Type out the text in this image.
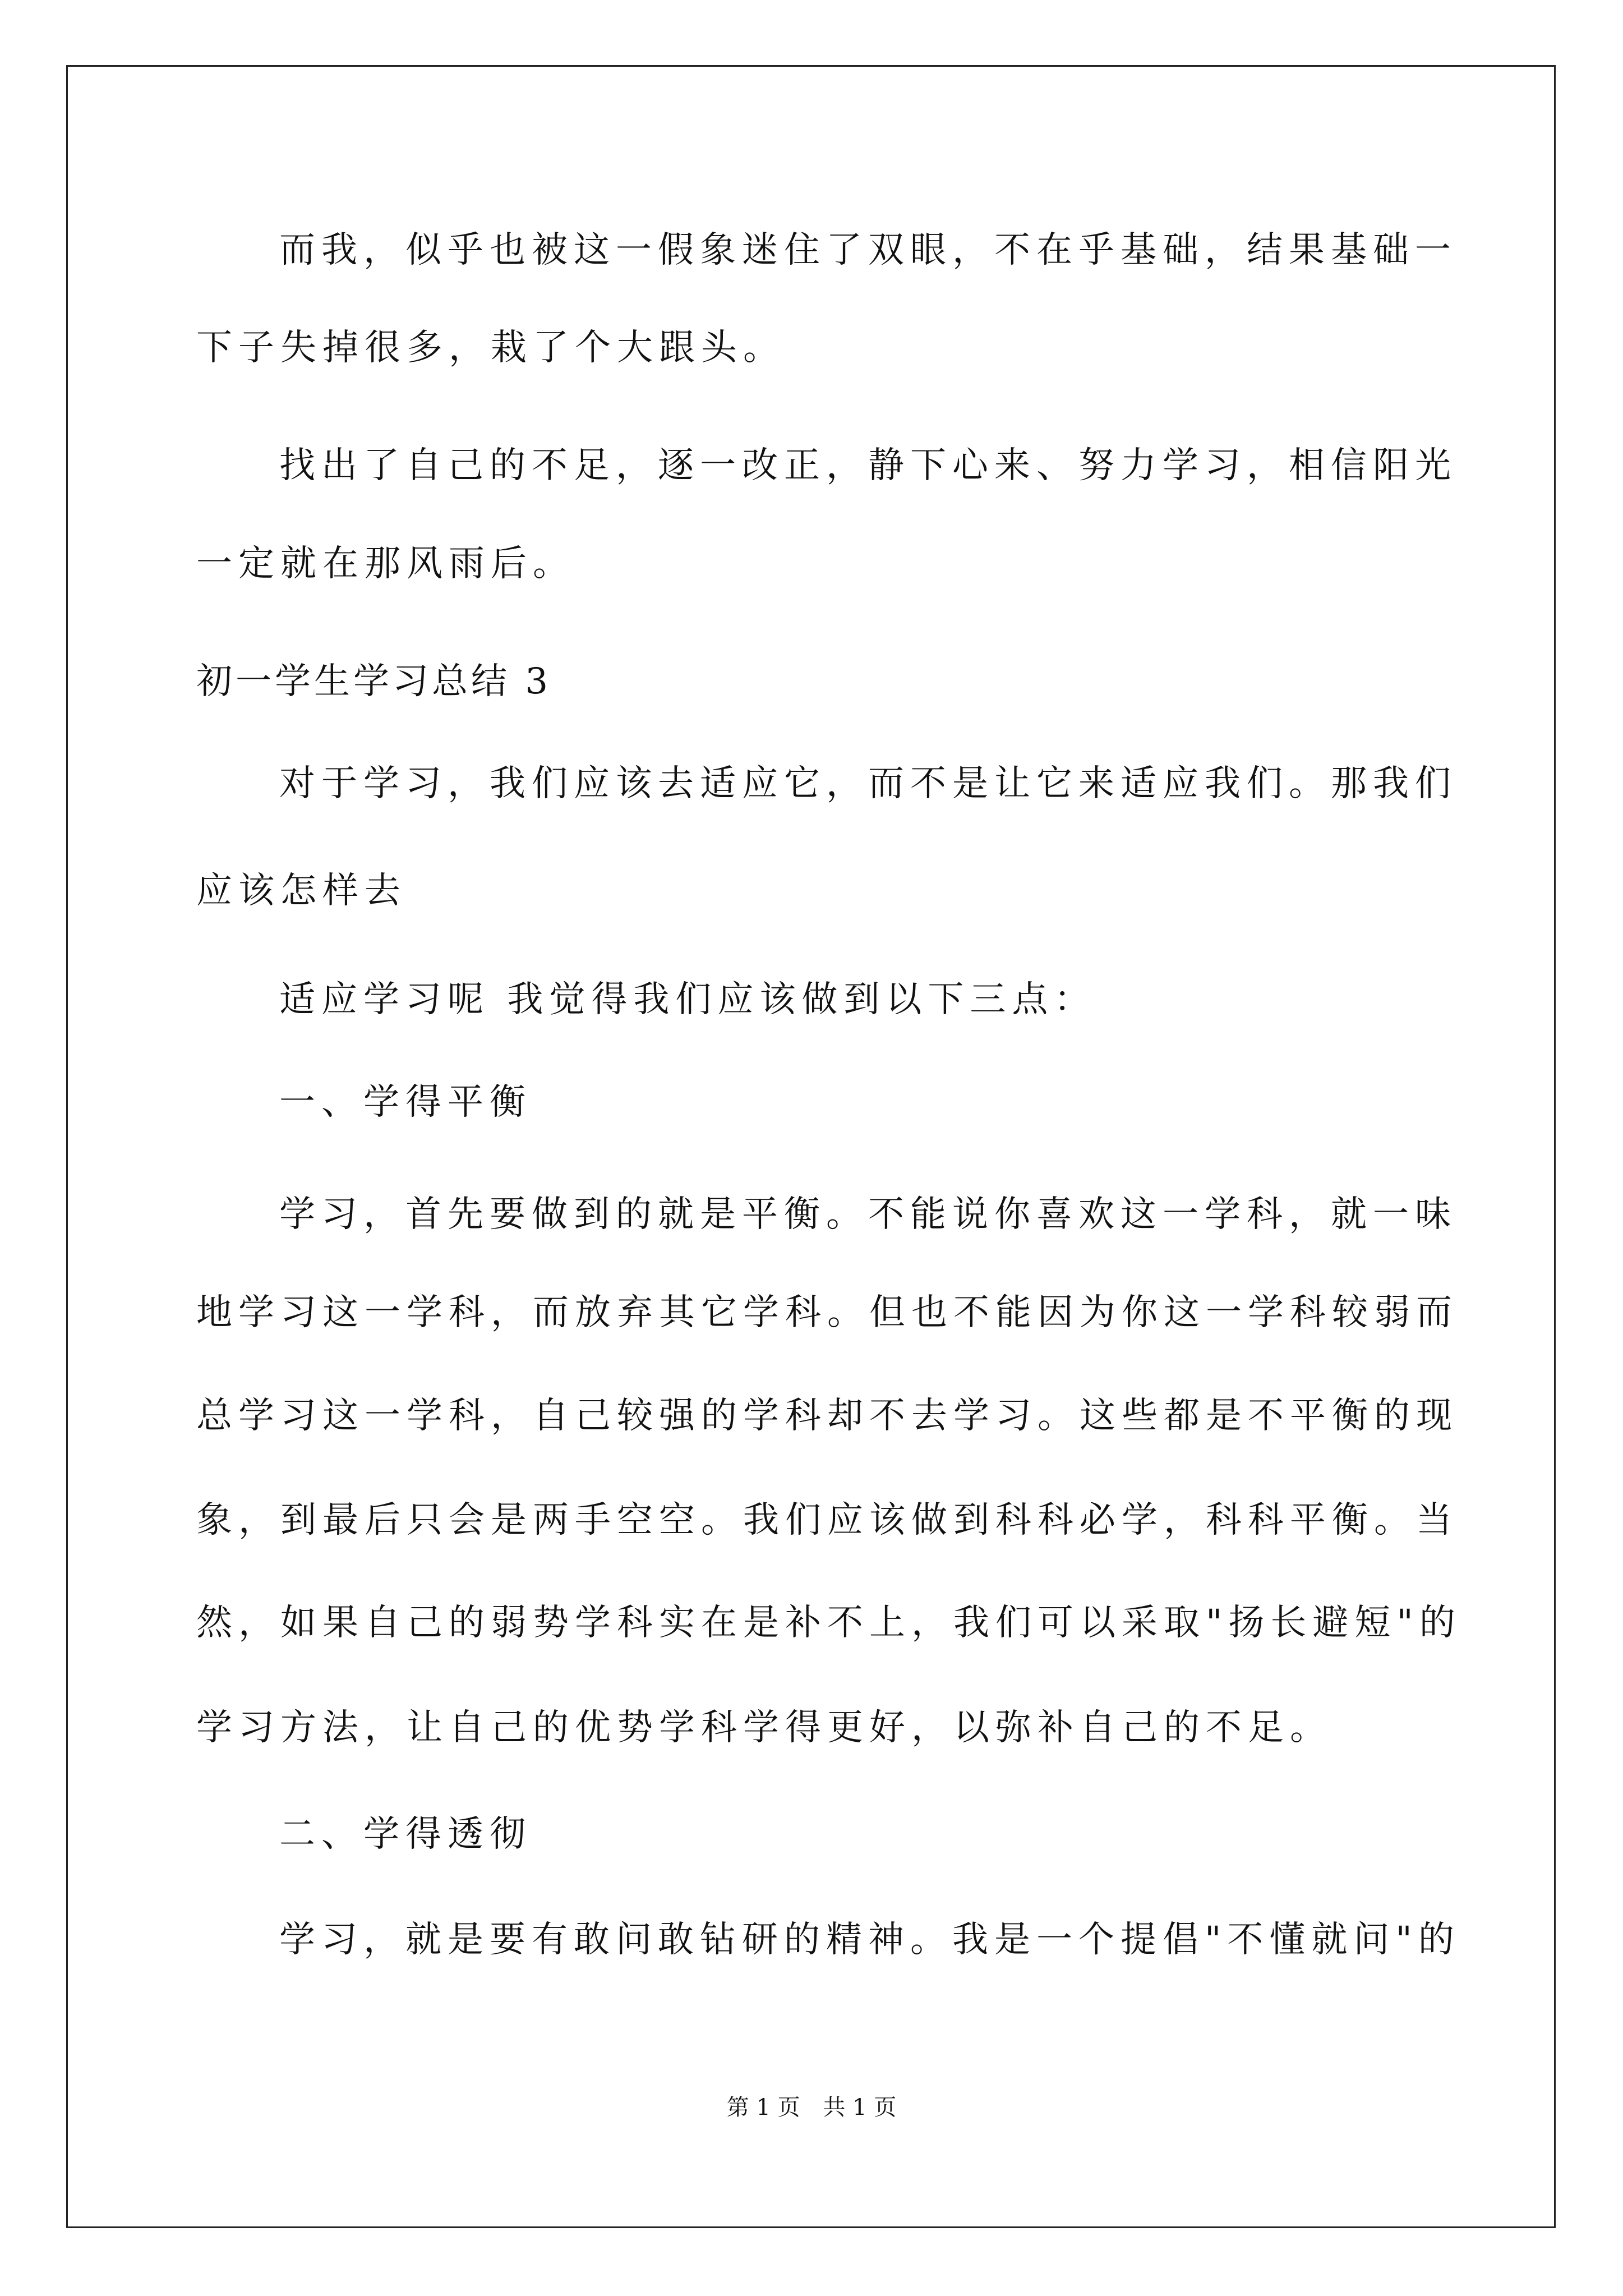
而我，似乎也被这一假象迷住了双眼，不在乎基础，结果基础一
下子失掉很多，栽了个大跟头。
找出了自己的不足，逐一改正，静下心来、努力学习，相信阳光
一定就在那风雨后。
初一学生学习总结 3
对于学习，我们应该去适应它，而不是让它来适应我们。那我们
应该怎样去
适应学习呢 我觉得我们应该做到以下三点：
一、学得平衡
学习，首先要做到的就是平衡。不能说你喜欢这一学科，就一味
地学习这一学科，而放弃其它学科。但也不能因为你这一学科较弱而
总学习这一学科，自己较强的学科却不去学习。这些都是不平衡的现
象，到最后只会是两手空空。我们应该做到科科必学，科科平衡。当
然，如果自己的弱势学科实在是补不上，我们可以采取"扬长避短"的
学习方法，让自己的优势学科学得更好，以弥补自己的不足。
二、学得透彻
学习，就是要有敢问敢钻研的精神。我是一个提倡"不懂就问"的
第 1 页 共 1 页
